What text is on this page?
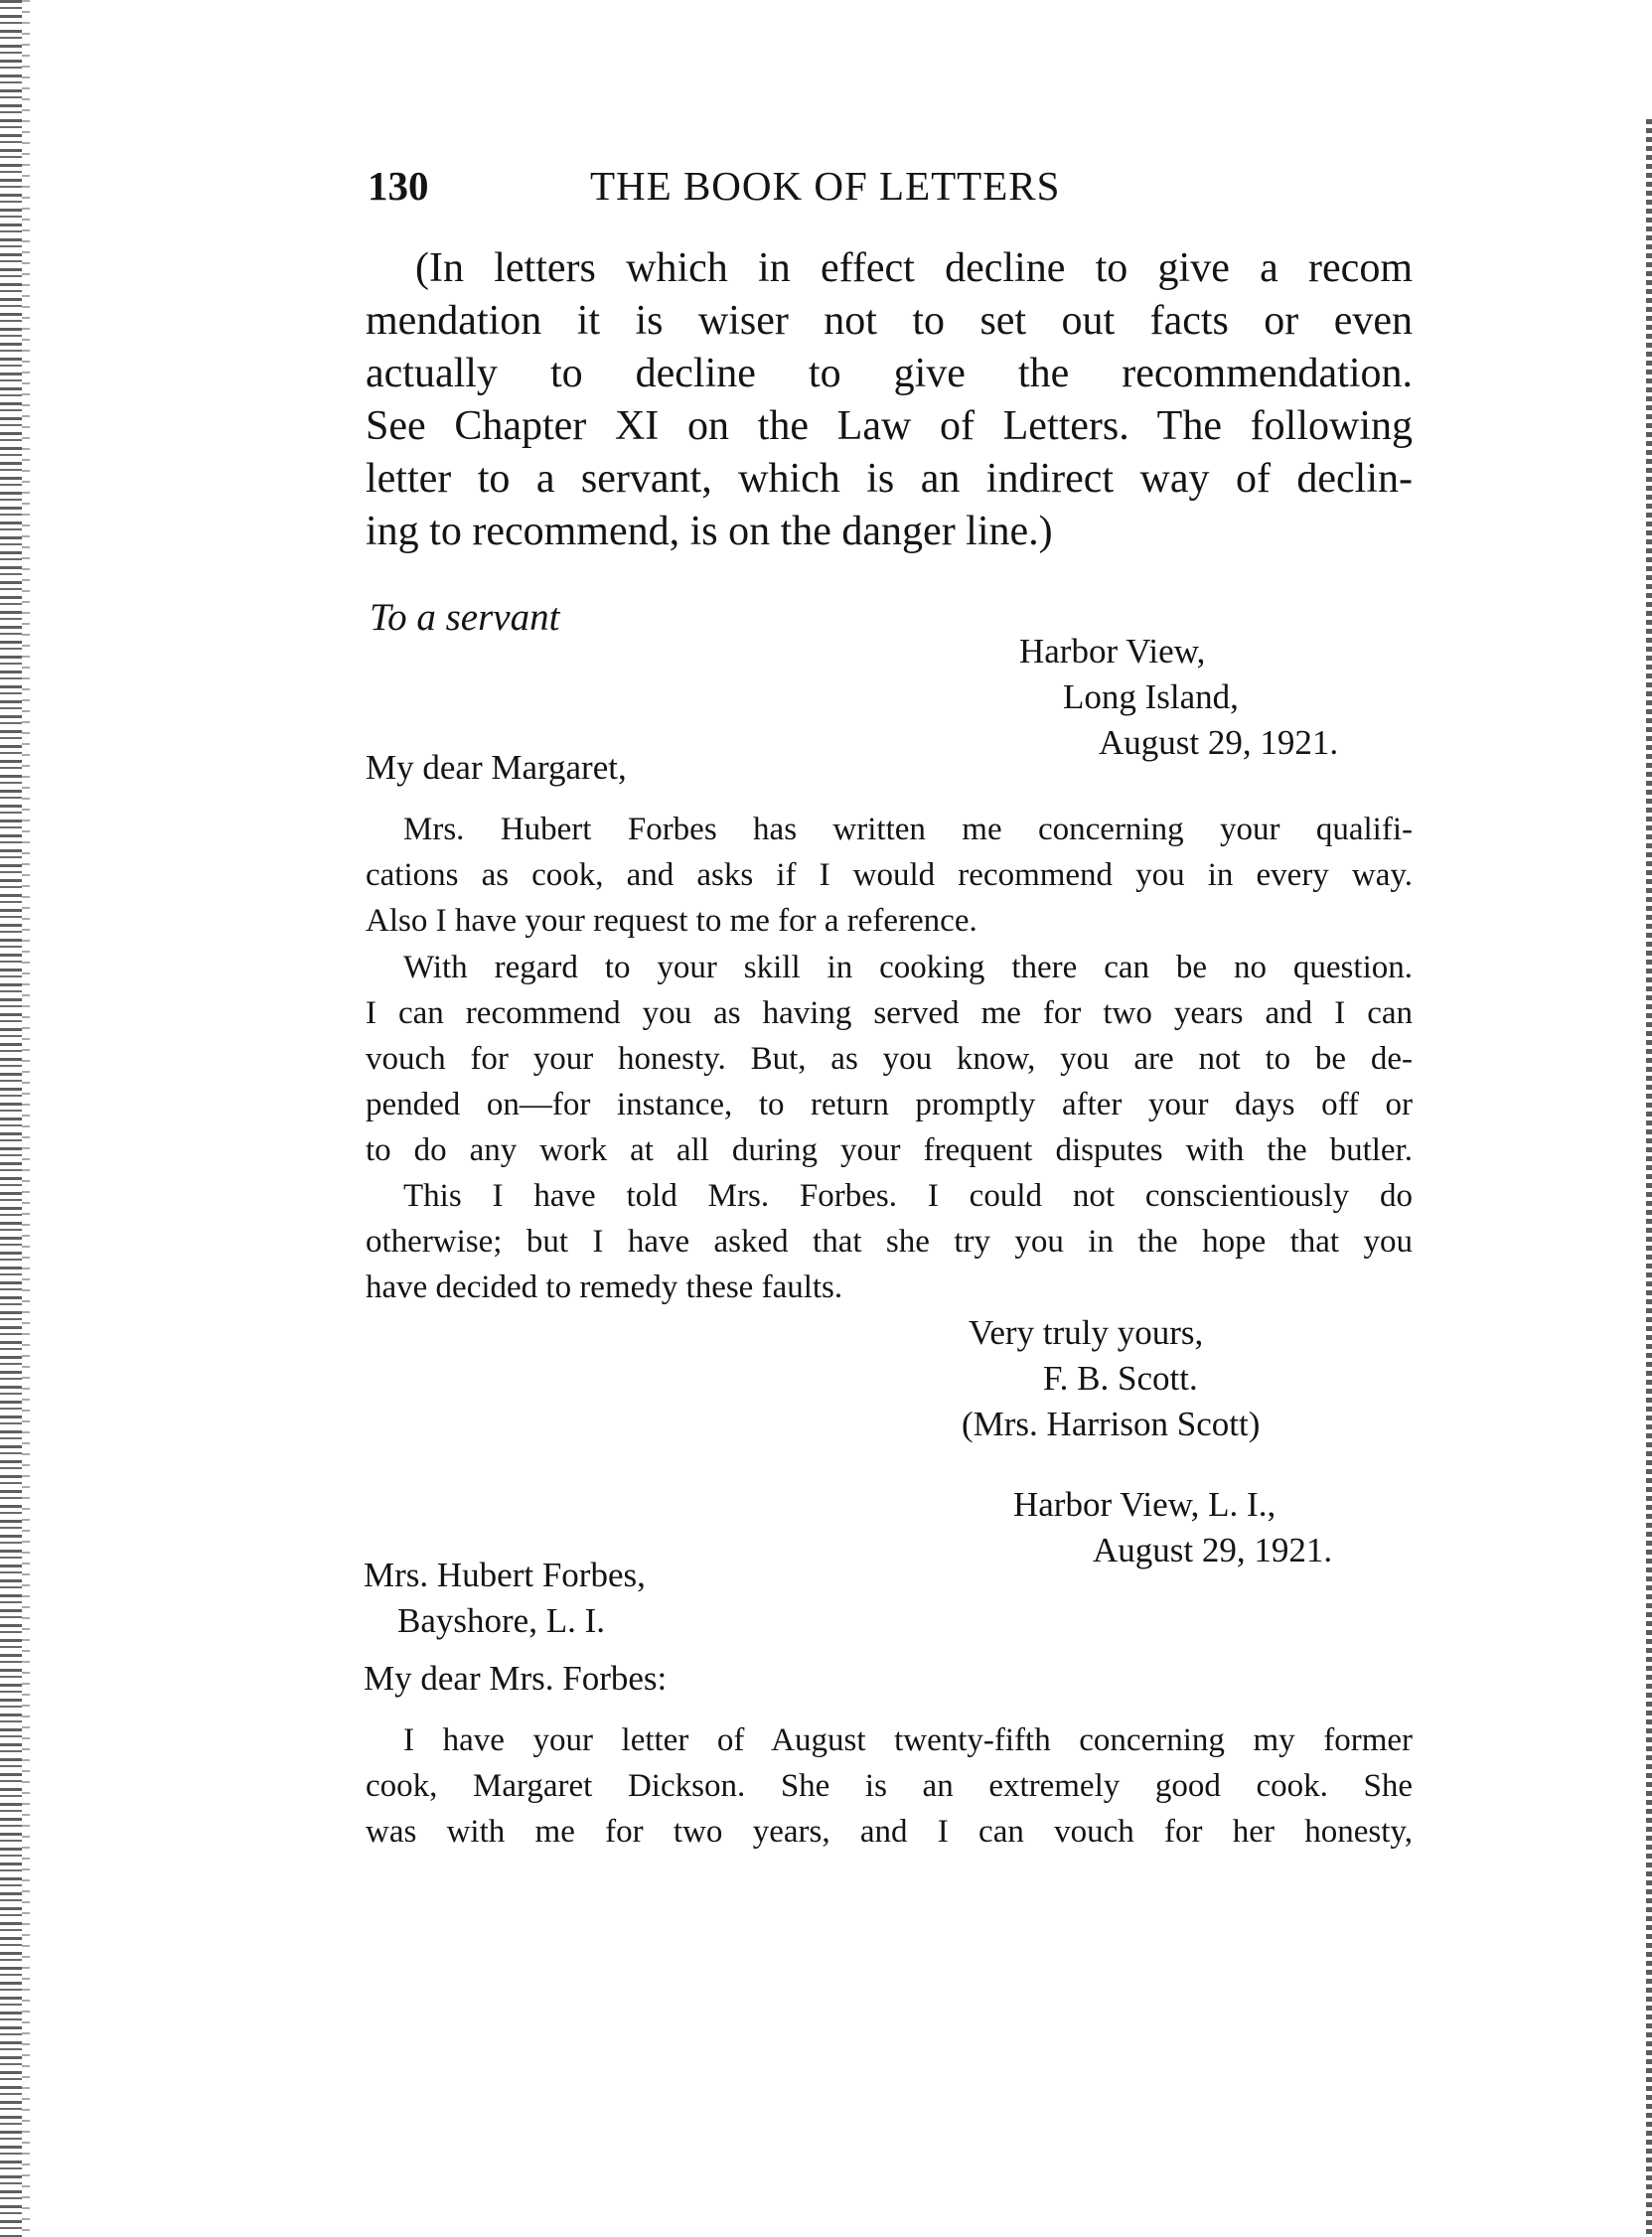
130	THE BOOK OF LETTERS
(In letters which in effect decline to give a recom
mendation it is wiser not to set out facts or even
actually to decline to give the recommendation.
See Chapter XI on the Law of Letters. The following
letter to a servant, which is an indirect way of declin-
ing to recommend, is on the danger line.)
To a servant
Harbor View,
Long Island,
August 29, 1921.
My dear Margaret,
Mrs. Hubert Forbes has written me concerning your qualifi-
cations as cook, and asks if I would recommend you in every way.
Also I have your request to me for a reference.
With regard to your skill in cooking there can be no question.
I can recommend you as having served me for two years and I can
vouch for your honesty. But, as you know, you are not to be de-
pended on—for instance, to return promptly after your days off or
to do any work at all during your frequent disputes with the butler.
This I have told Mrs. Forbes. I could not conscientiously do
otherwise; but I have asked that she try you in the hope that you
have decided to remedy these faults.
Very truly yours,
F. B. Scott.
(Mrs. Harrison Scott)
Harbor View, L. I.,
August 29, 1921.
Mrs. Hubert Forbes,
Bayshore, L. I.
My dear Mrs. Forbes:
I have your letter of August twenty-fifth concerning my former
cook, Margaret Dickson. She is an extremely good cook. She
was with me for two years, and I can vouch for her honesty,
